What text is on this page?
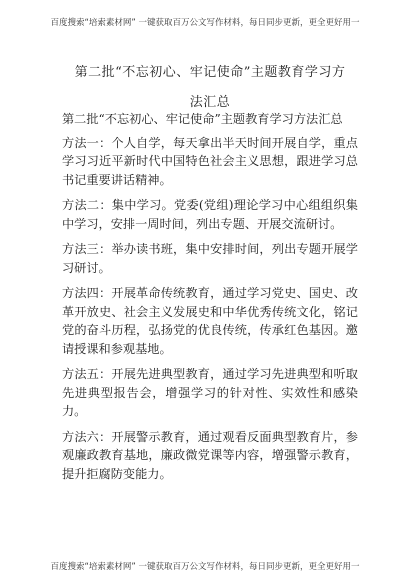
百度搜索“培索素材网” 一键获取百万公文写作材料，每日同步更新，更全更好用一
第二批“不忘初心、牢记使命”主题教育学习方法汇总

第二批“不忘初心、牢记使命”主题教育学习方法汇总

方法一：个人自学，每天拿出半天时间开展自学，重点学习习近平新时代中国特色社会主义思想，跟进学习总书记重要讲话精神。

方法二：集中学习。党委(党组)理论学习中心组组织集中学习，安排一周时间，列出专题、开展交流研讨。

方法三：举办读书班，集中安排时间，列出专题开展学习研讨。

方法四：开展革命传统教育，通过学习党史、国史、改革开放史、社会主义发展史和中华优秀传统文化，铭记党的奋斗历程，弘扬党的优良传统，传承红色基因。邀请授课和参观基地。

方法五：开展先进典型教育，通过学习先进典型和听取先进典型报告会，增强学习的针对性、实效性和感染力。

方法六：开展警示教育，通过观看反面典型教育片，参观廉政教育基地，廉政微党课等内容，增强警示教育，提升拒腐防变能力。

百度搜索“培索素材网” 一键获取百万公文写作材料，每日同步更新，更全更好用一
